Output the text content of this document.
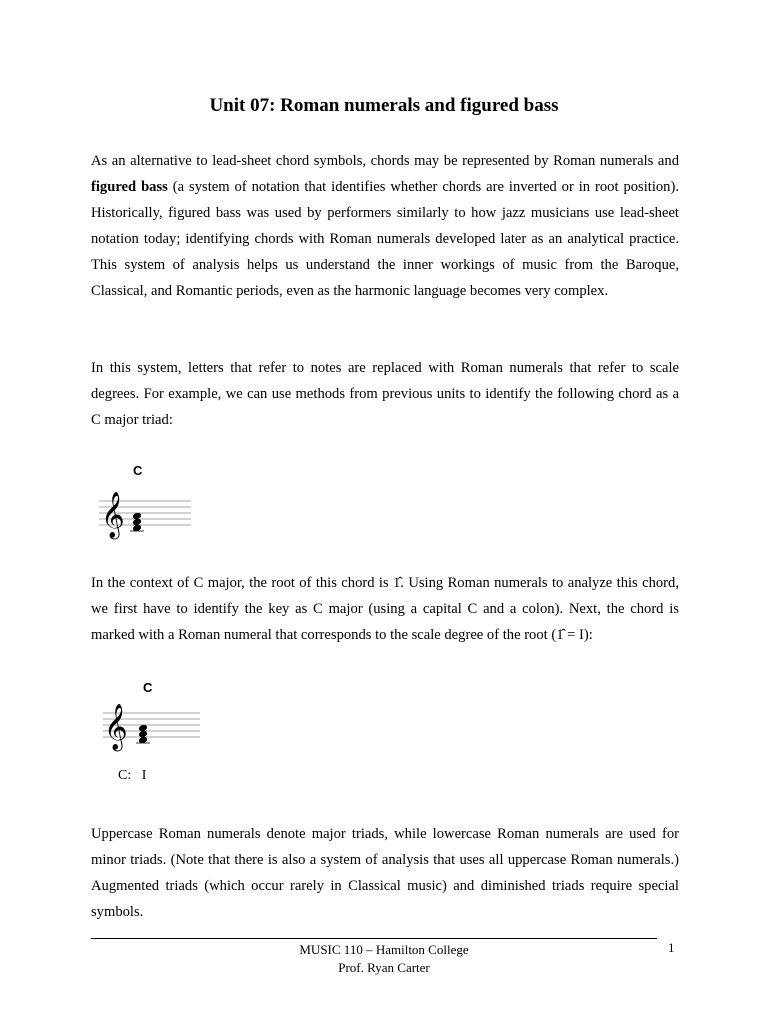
Unit 07: Roman numerals and figured bass

As an alternative to lead-sheet chord symbols, chords may be represented by Roman numerals and figured bass (a system of notation that identifies whether chords are inverted or in root position). Historically, figured bass was used by performers similarly to how jazz musicians use lead-sheet notation today; identifying chords with Roman numerals developed later as an analytical practice. This system of analysis helps us understand the inner workings of music from the Baroque, Classical, and Romantic periods, even as the harmonic language becomes very complex.

In this system, letters that refer to notes are replaced with Roman numerals that refer to scale degrees. For example, we can use methods from previous units to identify the following chord as a C major triad:

C
𝄞

In the context of C major, the root of this chord is 1̂. Using Roman numerals to analyze this chord, we first have to identify the key as C major (using a capital C and a colon). Next, the chord is marked with a Roman numeral that corresponds to the scale degree of the root (1̂ = I):

C
𝄞
C:   I

Uppercase Roman numerals denote major triads, while lowercase Roman numerals are used for minor triads. (Note that there is also a system of analysis that uses all uppercase Roman numerals.) Augmented triads (which occur rarely in Classical music) and diminished triads require special symbols.

MUSIC 110 – Hamilton College
Prof. Ryan Carter
1
